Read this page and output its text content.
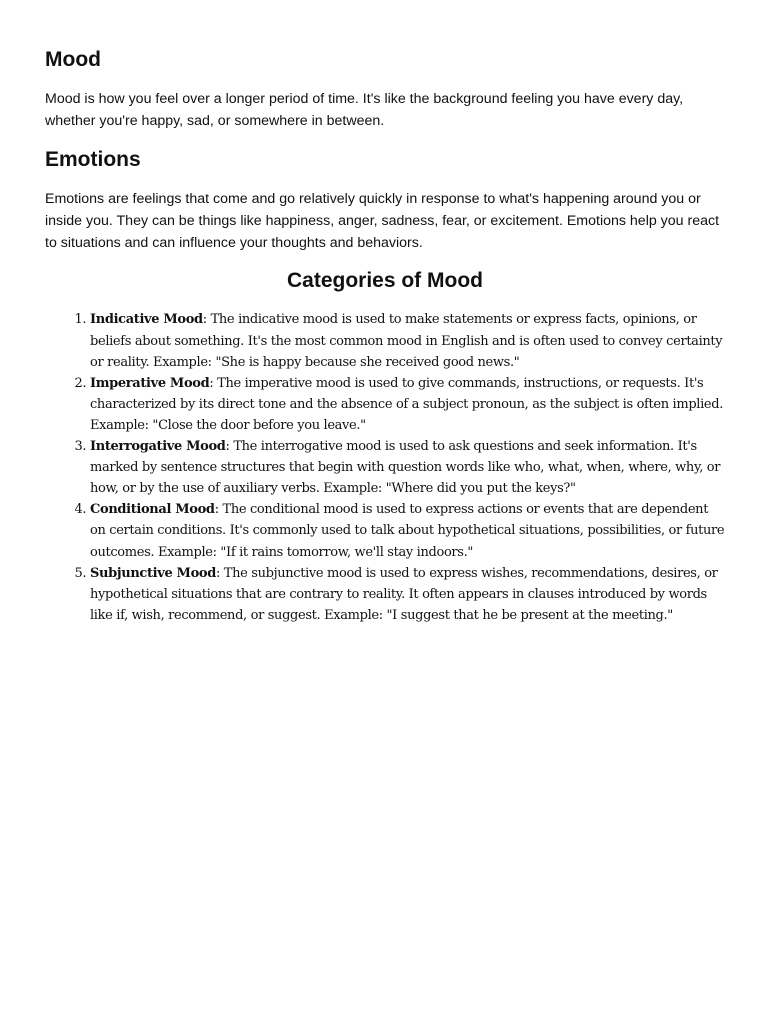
Mood

Mood is how you feel over a longer period of time. It's like the background feeling you have every day, whether you're happy, sad, or somewhere in between.

Emotions

Emotions are feelings that come and go relatively quickly in response to what's happening around you or inside you. They can be things like happiness, anger, sadness, fear, or excitement. Emotions help you react to situations and can influence your thoughts and behaviors.

Categories of Mood
1. Indicative Mood: The indicative mood is used to make statements or express facts, opinions, or beliefs about something. It's the most common mood in English and is often used to convey certainty or reality. Example: "She is happy because she received good news."
2. Imperative Mood: The imperative mood is used to give commands, instructions, or requests. It's characterized by its direct tone and the absence of a subject pronoun, as the subject is often implied. Example: "Close the door before you leave."
3. Interrogative Mood: The interrogative mood is used to ask questions and seek information. It's marked by sentence structures that begin with question words like who, what, when, where, why, or how, or by the use of auxiliary verbs. Example: "Where did you put the keys?"
4. Conditional Mood: The conditional mood is used to express actions or events that are dependent on certain conditions. It's commonly used to talk about hypothetical situations, possibilities, or future outcomes. Example: "If it rains tomorrow, we'll stay indoors."
5. Subjunctive Mood: The subjunctive mood is used to express wishes, recommendations, desires, or hypothetical situations that are contrary to reality. It often appears in clauses introduced by words like if, wish, recommend, or suggest. Example: "I suggest that he be present at the meeting."
